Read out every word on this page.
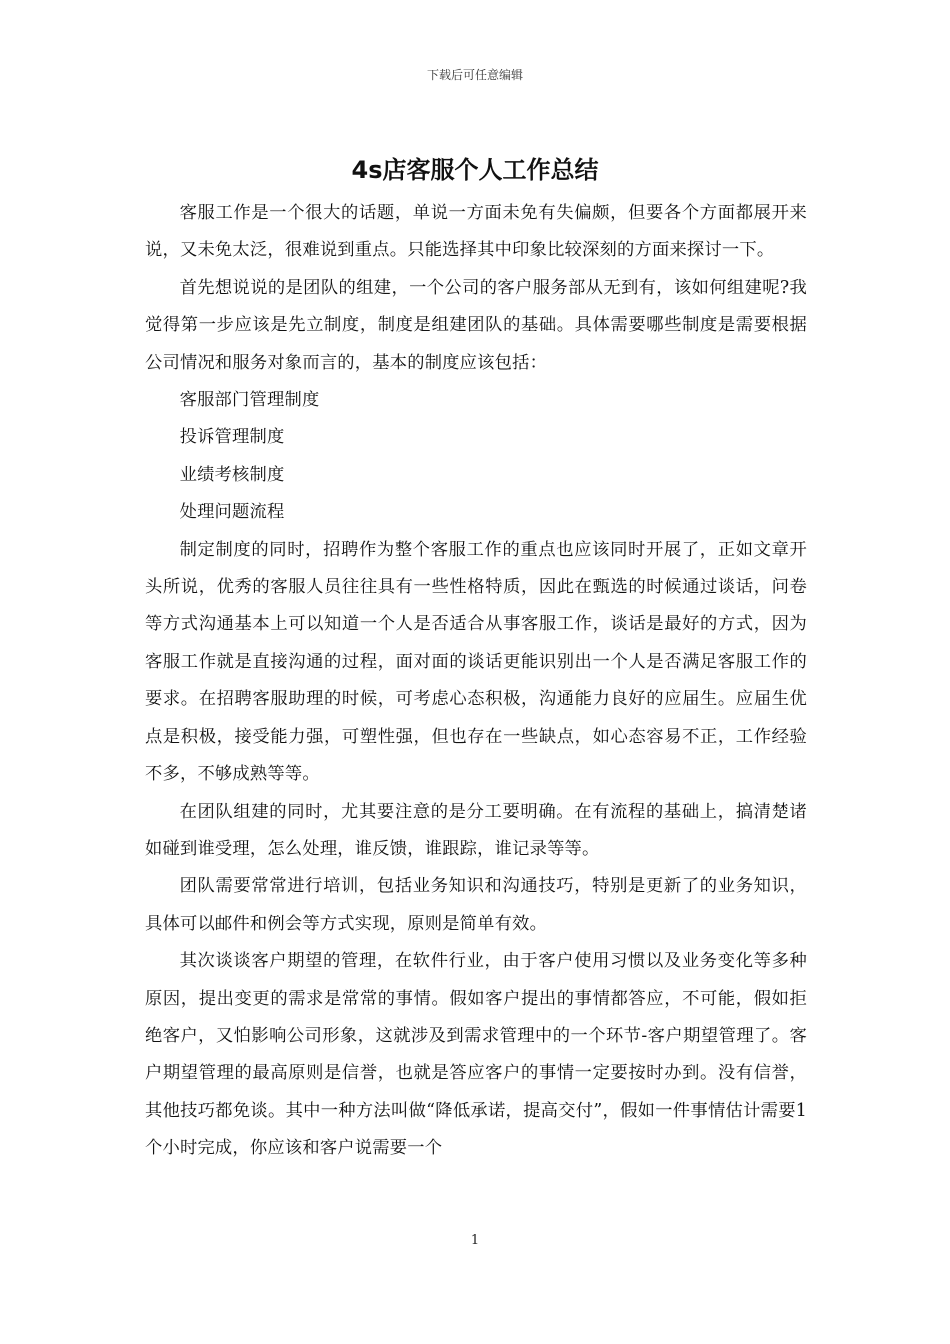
下载后可任意编辑
4s店客服个人工作总结

客服工作是一个很大的话题，单说一方面未免有失偏颇，但要各个方面都展开来说，又未免太泛，很难说到重点。只能选择其中印象比较深刻的方面来探讨一下。

首先想说说的是团队的组建，一个公司的客户服务部从无到有，该如何组建呢?我觉得第一步应该是先立制度，制度是组建团队的基础。具体需要哪些制度是需要根据公司情况和服务对象而言的，基本的制度应该包括：

客服部门管理制度

投诉管理制度

业绩考核制度

处理问题流程

制定制度的同时，招聘作为整个客服工作的重点也应该同时开展了，正如文章开头所说，优秀的客服人员往往具有一些性格特质，因此在甄选的时候通过谈话，问卷等方式沟通基本上可以知道一个人是否适合从事客服工作，谈话是最好的方式，因为客服工作就是直接沟通的过程，面对面的谈话更能识别出一个人是否满足客服工作的要求。在招聘客服助理的时候，可考虑心态积极，沟通能力良好的应届生。应届生优点是积极，接受能力强，可塑性强，但也存在一些缺点，如心态容易不正，工作经验不多，不够成熟等等。

在团队组建的同时，尤其要注意的是分工要明确。在有流程的基础上，搞清楚诸如碰到谁受理，怎么处理，谁反馈，谁跟踪，谁记录等等。

团队需要常常进行培训，包括业务知识和沟通技巧，特别是更新了的业务知识，具体可以邮件和例会等方式实现，原则是简单有效。

其次谈谈客户期望的管理，在软件行业，由于客户使用习惯以及业务变化等多种原因，提出变更的需求是常常的事情。假如客户提出的事情都答应，不可能，假如拒绝客户，又怕影响公司形象，这就涉及到需求管理中的一个环节-客户期望管理了。客户期望管理的最高原则是信誉，也就是答应客户的事情一定要按时办到。没有信誉，其他技巧都免谈。其中一种方法叫做“降低承诺，提高交付”，假如一件事情估计需要1个小时完成，你应该和客户说需要一个

1
